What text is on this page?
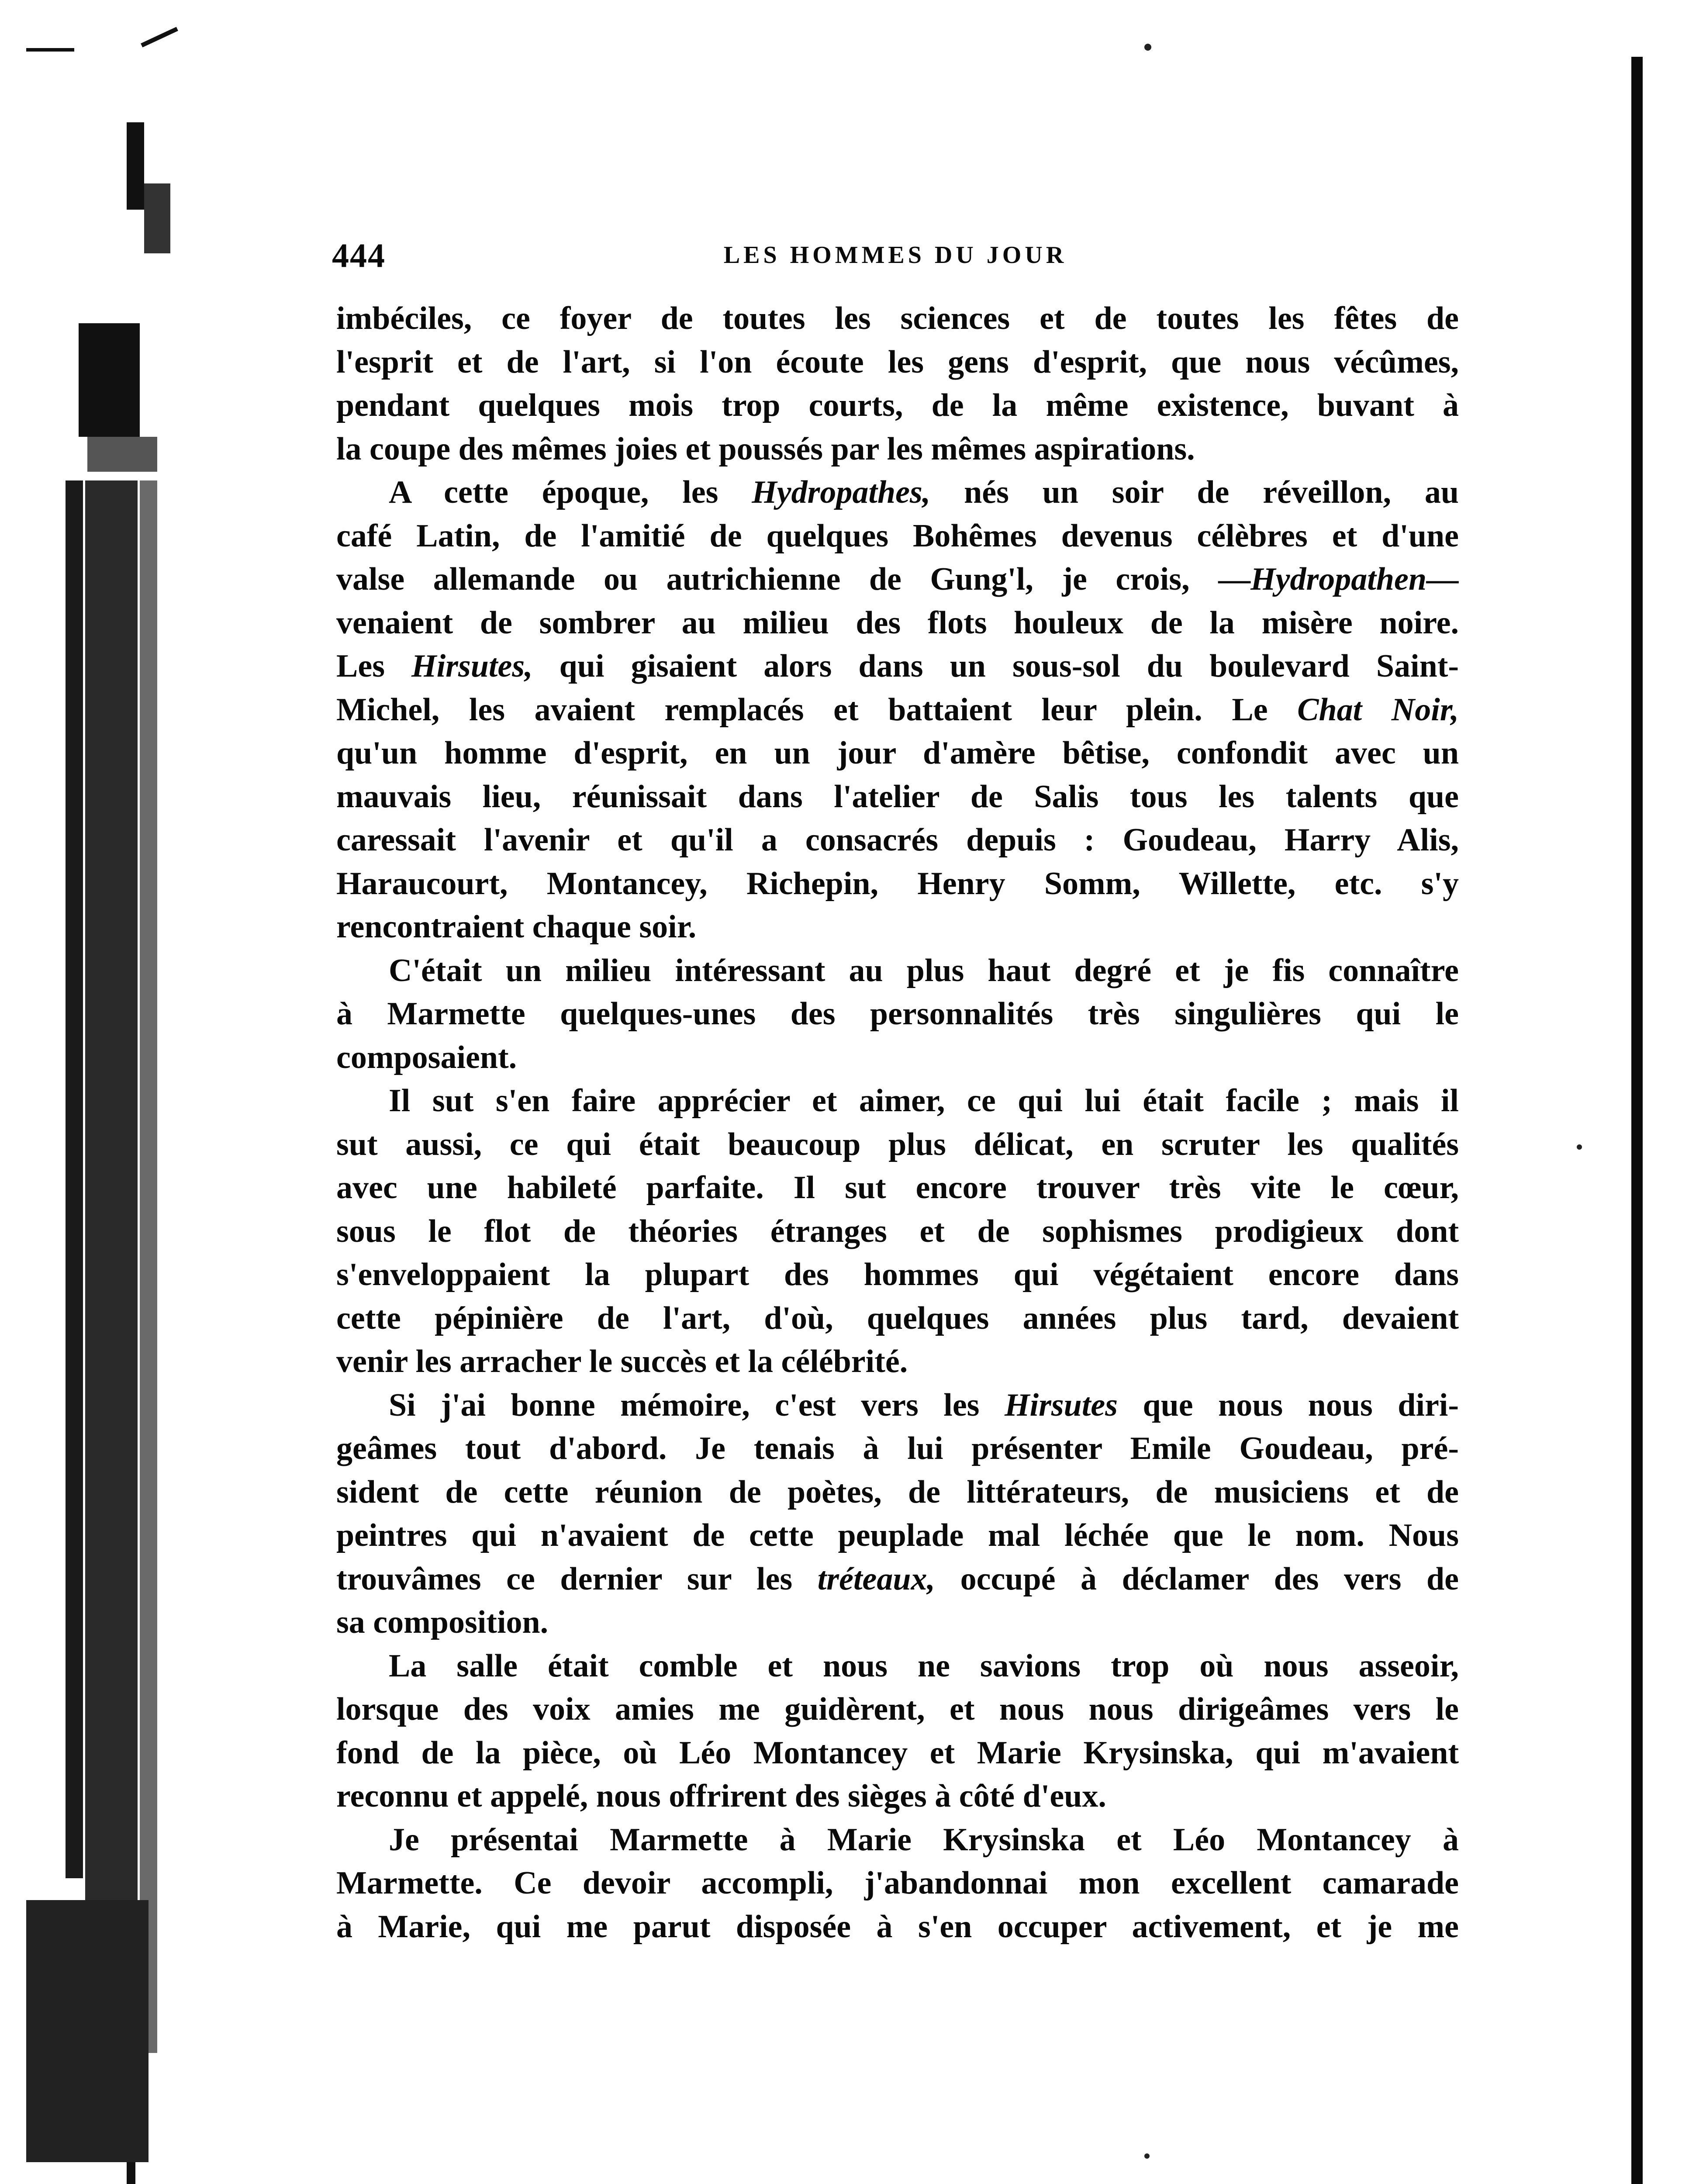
444	LES HOMMES DU JOUR
imbéciles, ce foyer de toutes les sciences et de toutes les fêtes de
l'esprit et de l'art, si l'on écoute les gens d'esprit, que nous vécûmes,
pendant quelques mois trop courts, de la même existence, buvant à
la coupe des mêmes joies et poussés par les mêmes aspirations.
A cette époque, les Hydropathes, nés un soir de réveillon, au
café Latin, de l'amitié de quelques Bohêmes devenus célèbres et d'une
valse allemande ou autrichienne de Gung'l, je crois, —Hydropathen—
venaient de sombrer au milieu des flots houleux de la misère noire.
Les Hirsutes, qui gisaient alors dans un sous-sol du boulevard Saint-
Michel, les avaient remplacés et battaient leur plein. Le Chat Noir,
qu'un homme d'esprit, en un jour d'amère bêtise, confondit avec un
mauvais lieu, réunissait dans l'atelier de Salis tous les talents que
caressait l'avenir et qu'il a consacrés depuis : Goudeau, Harry Alis,
Haraucourt, Montancey, Richepin, Henry Somm, Willette, etc. s'y
rencontraient chaque soir.
C'était un milieu intéressant au plus haut degré et je fis connaître
à Marmette quelques-unes des personnalités très singulières qui le
composaient.
Il sut s'en faire apprécier et aimer, ce qui lui était facile ; mais il
sut aussi, ce qui était beaucoup plus délicat, en scruter les qualités
avec une habileté parfaite. Il sut encore trouver très vite le cœur,
sous le flot de théories étranges et de sophismes prodigieux dont
s'enveloppaient la plupart des hommes qui végétaient encore dans
cette pépinière de l'art, d'où, quelques années plus tard, devaient
venir les arracher le succès et la célébrité.
Si j'ai bonne mémoire, c'est vers les Hirsutes que nous nous diri-
geâmes tout d'abord. Je tenais à lui présenter Emile Goudeau, pré-
sident de cette réunion de poètes, de littérateurs, de musiciens et de
peintres qui n'avaient de cette peuplade mal léchée que le nom. Nous
trouvâmes ce dernier sur les tréteaux, occupé à déclamer des vers de
sa composition.
La salle était comble et nous ne savions trop où nous asseoir,
lorsque des voix amies me guidèrent, et nous nous dirigeâmes vers le
fond de la pièce, où Léo Montancey et Marie Krysinska, qui m'avaient
reconnu et appelé, nous offrirent des sièges à côté d'eux.
Je présentai Marmette à Marie Krysinska et Léo Montancey à
Marmette. Ce devoir accompli, j'abandonnai mon excellent camarade
à Marie, qui me parut disposée à s'en occuper activement, et je me
